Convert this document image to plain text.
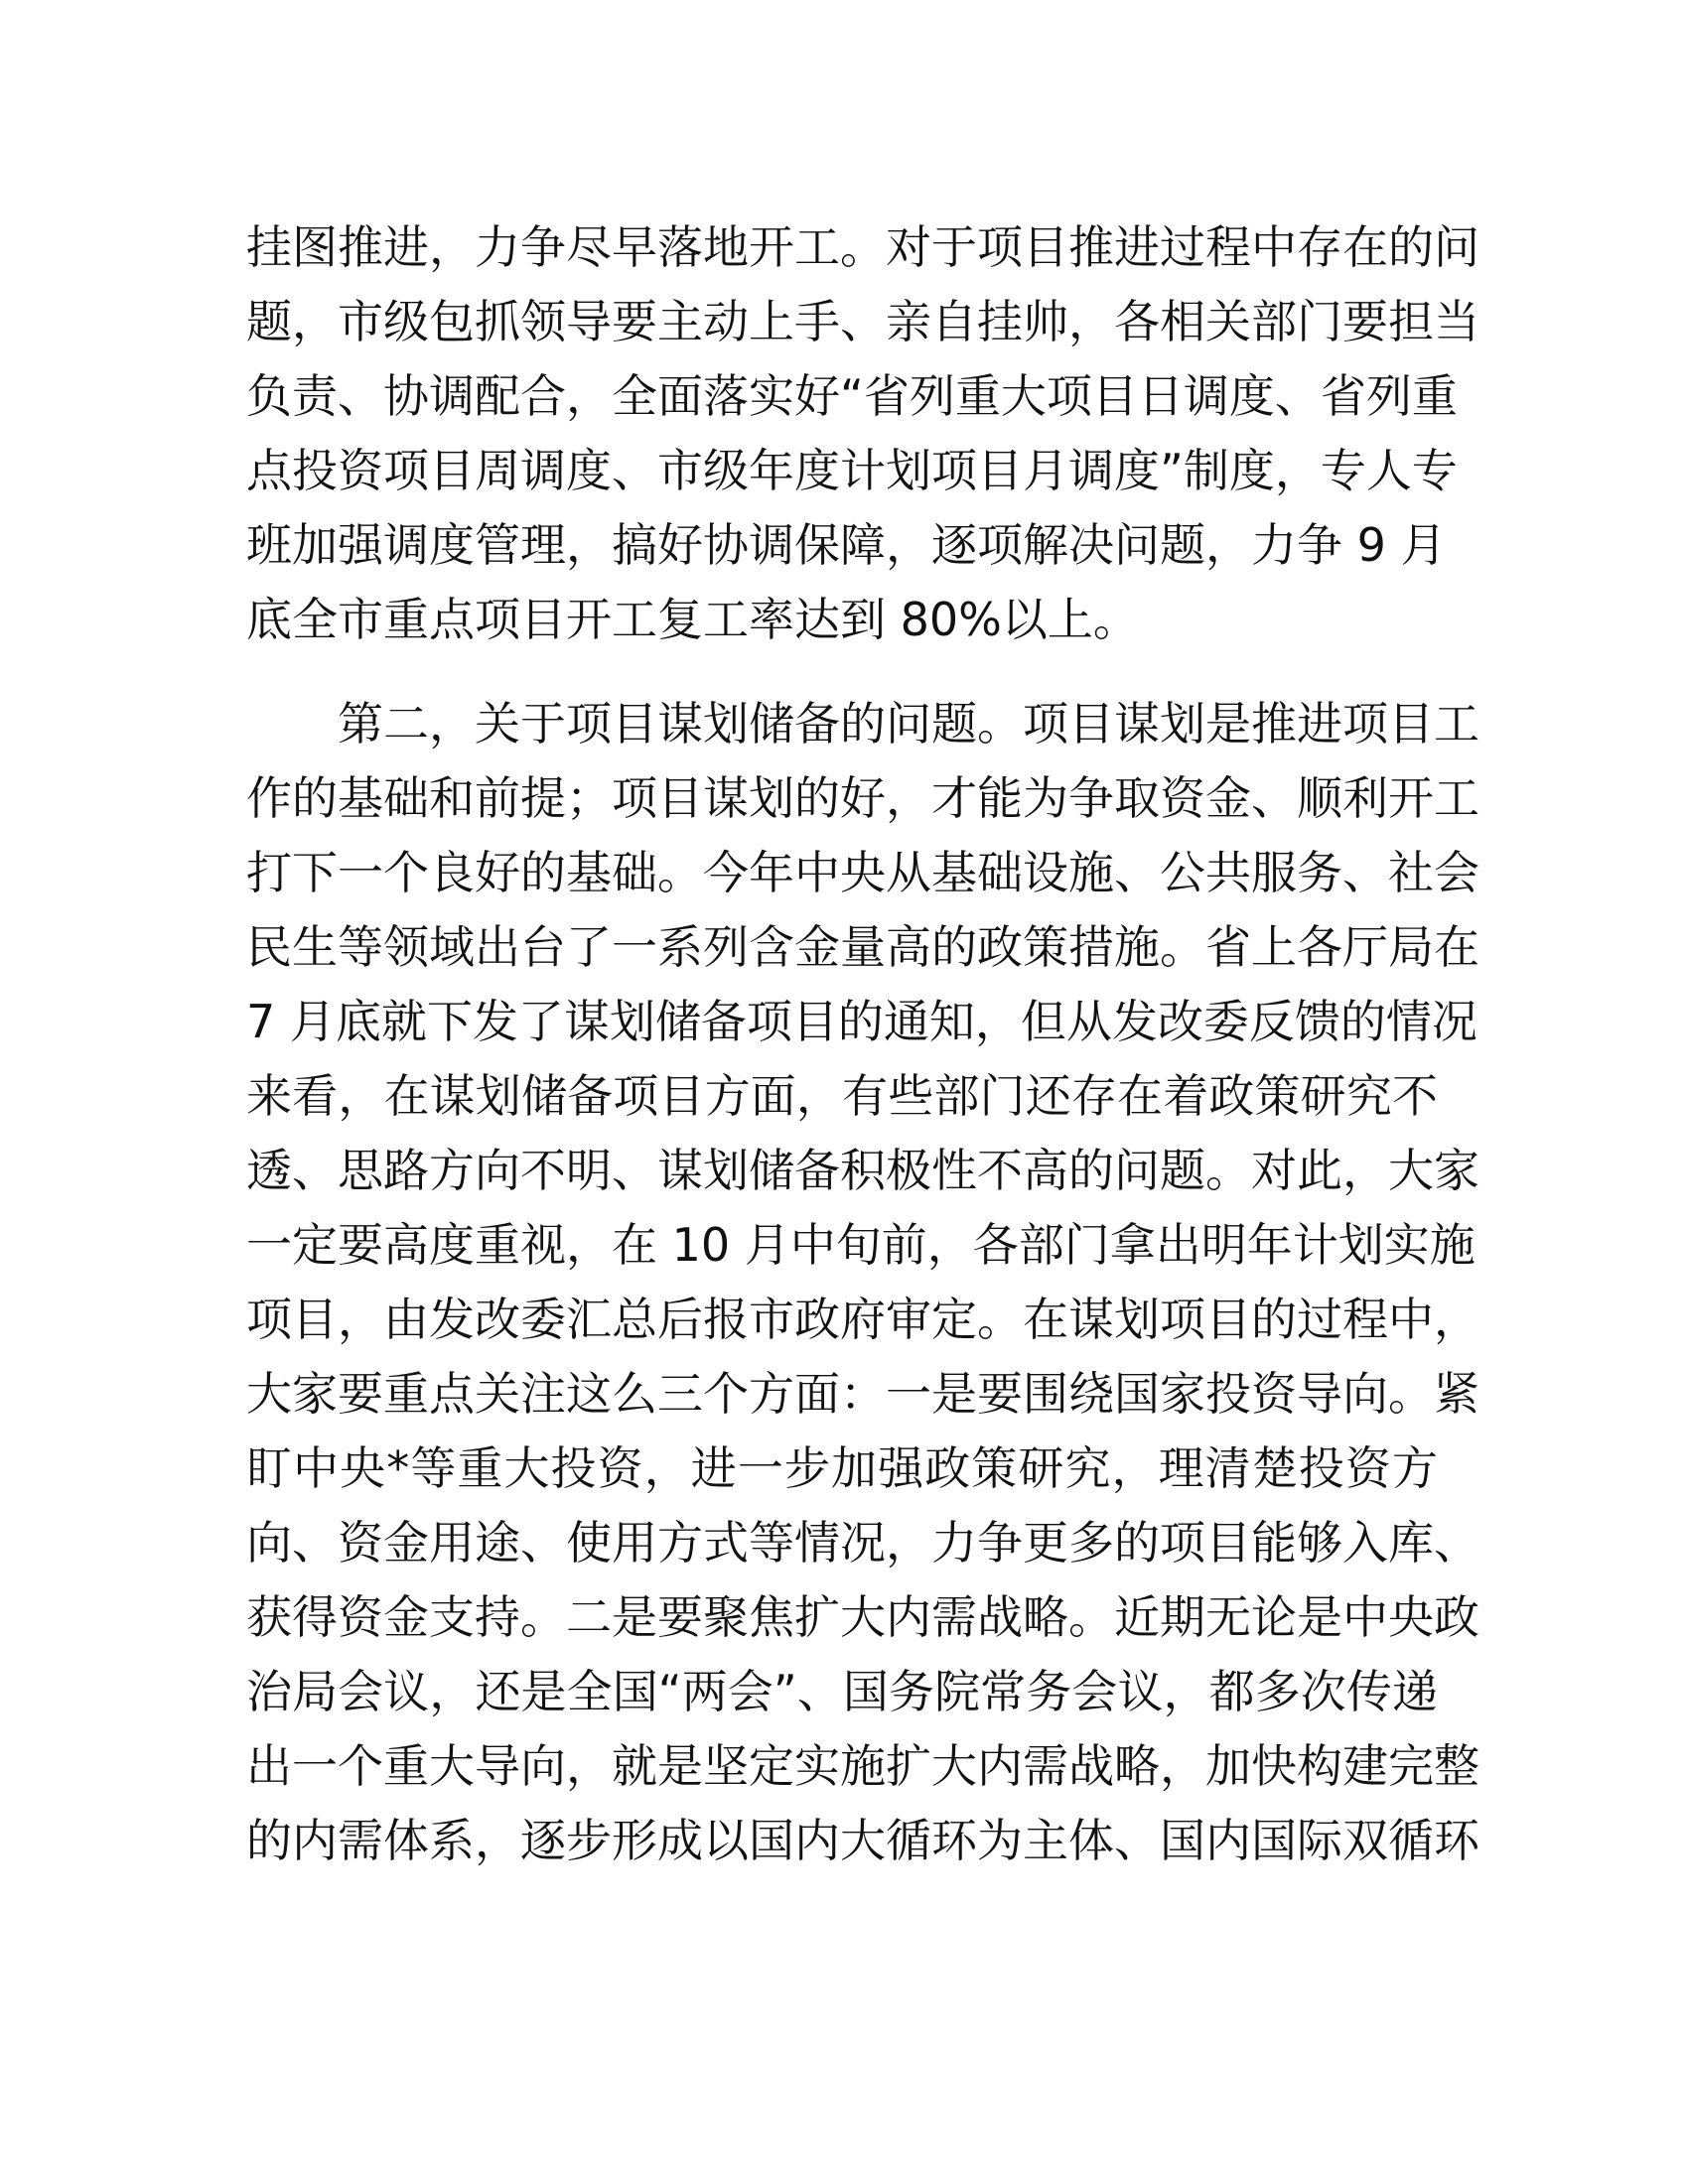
挂图推进，力争尽早落地开工。对于项目推进过程中存在的问
题，市级包抓领导要主动上手、亲自挂帅，各相关部门要担当
负责、协调配合，全面落实好“省列重大项目日调度、省列重
点投资项目周调度、市级年度计划项目月调度”制度，专人专
班加强调度管理，搞好协调保障，逐项解决问题，力争 9 月
底全市重点项目开工复工率达到 80%以上。
第二，关于项目谋划储备的问题。项目谋划是推进项目工
作的基础和前提；项目谋划的好，才能为争取资金、顺利开工
打下一个良好的基础。今年中央从基础设施、公共服务、社会
民生等领域出台了一系列含金量高的政策措施。省上各厅局在
7 月底就下发了谋划储备项目的通知，但从发改委反馈的情况
来看，在谋划储备项目方面，有些部门还存在着政策研究不
透、思路方向不明、谋划储备积极性不高的问题。对此，大家
一定要高度重视，在 10 月中旬前，各部门拿出明年计划实施
项目，由发改委汇总后报市政府审定。在谋划项目的过程中，
大家要重点关注这么三个方面：一是要围绕国家投资导向。紧
盯中央*等重大投资，进一步加强政策研究，理清楚投资方
向、资金用途、使用方式等情况，力争更多的项目能够入库、
获得资金支持。二是要聚焦扩大内需战略。近期无论是中央政
治局会议，还是全国“两会”、国务院常务会议，都多次传递
出一个重大导向，就是坚定实施扩大内需战略，加快构建完整
的内需体系，逐步形成以国内大循环为主体、国内国际双循环
